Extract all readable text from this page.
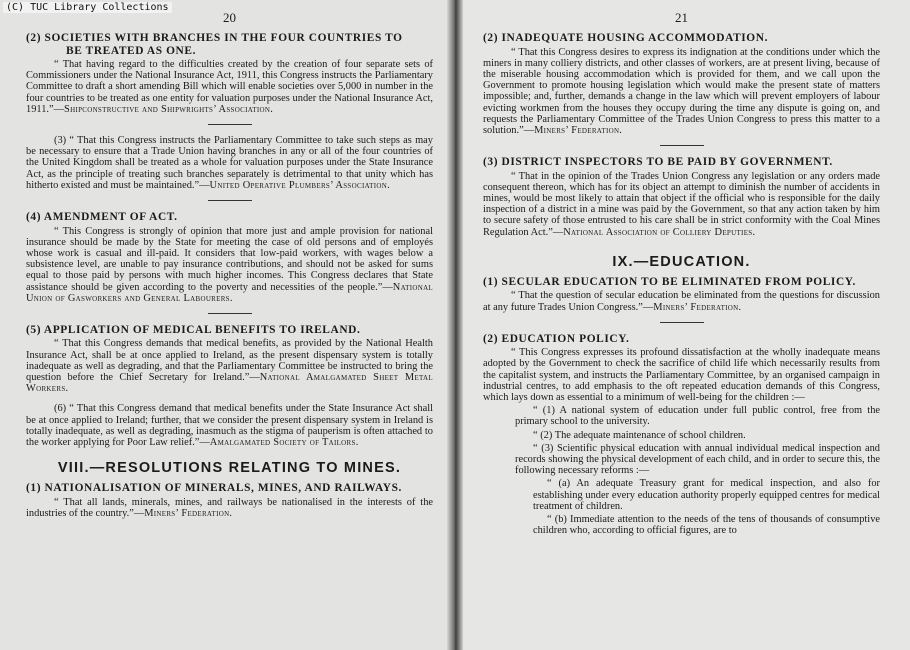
(C) TUC Library Collections
20
(2) SOCIETIES WITH BRANCHES IN THE FOUR COUNTRIES TO
BE TREATED AS ONE.

“ That having regard to the difficulties created by the creation of four separate sets of Commissioners under the National Insurance Act, 1911, this Congress instructs the Parliamentary Committee to draft a short amending Bill which will enable societies over 5,000 in number in the four countries to be treated as one entity for valuation purposes under the National Insurance Act, 1911.”—Shipconstructive and Shipwrights’ Association.

(3) “ That this Congress instructs the Parliamentary Committee to take such steps as may be necessary to ensure that a Trade Union having branches in any or all of the four countries of the United Kingdom shall be treated as a whole for valuation purposes under the State Insurance Act, as the principle of treating such branches separately is detrimental to that unity which has hitherto existed and must be maintained.”—United Operative Plumbers’ Association.

(4) AMENDMENT OF ACT.

“ This Congress is strongly of opinion that more just and ample provision for national insurance should be made by the State for meeting the case of old persons and of employés whose work is casual and ill-paid. It considers that low-paid workers, with wages below a subsistence level, are unable to pay insurance contributions, and should not be asked for sums equal to those paid by persons with much higher incomes. This Congress declares that State assistance should be given according to the poverty and necessities of the people.”—National Union of Gasworkers and General Labourers.

(5) APPLICATION OF MEDICAL BENEFITS TO IRELAND.

“ That this Congress demands that medical benefits, as provided by the National Health Insurance Act, shall be at once applied to Ireland, as the present dispensary system is totally inadequate as well as degrading, and that the Parliamentary Committee be instructed to bring the question before the Chief Secretary for Ireland.”—National Amalgamated Sheet Metal Workers.

(6) “ That this Congress demand that medical benefits under the State Insurance Act shall be at once applied to Ireland; further, that we consider the present dispensary system in Ireland is totally inadequate, as well as degrading, inasmuch as the stigma of pauperism is often attached to the worker applying for Poor Law relief.”—Amalgamated Society of Tailors.

VIII.—RESOLUTIONS RELATING TO MINES.
(1) NATIONALISATION OF MINERALS, MINES, AND RAILWAYS.

“ That all lands, minerals, mines, and railways be nationalised in the interests of the industries of the country.”—Miners’ Federation.

21
(2) INADEQUATE HOUSING ACCOMMODATION.

“ That this Congress desires to express its indignation at the conditions under which the miners in many colliery districts, and other classes of workers, are at present living, because of the miserable housing accommodation which is provided for them, and we call upon the Government to promote housing legislation which would make the present state of matters impossible; and, further, demands a change in the law which will prevent employers of labour evicting workmen from the houses they occupy during the time any dispute is going on, and requests the Parliamentary Committee of the Trades Union Congress to press this matter to a solution.”—Miners’ Federation.

(3) DISTRICT INSPECTORS TO BE PAID BY GOVERNMENT.

“ That in the opinion of the Trades Union Congress any legislation or any orders made consequent thereon, which has for its object an attempt to diminish the number of accidents in mines, would be most likely to attain that object if the official who is responsible for the daily inspection of a district in a mine was paid by the Government, so that any action taken by him to secure safety of those entrusted to his care shall be in strict conformity with the Coal Mines Regulation Act.”—National Association of Colliery Deputies.

IX.—EDUCATION.
(1) SECULAR EDUCATION TO BE ELIMINATED FROM POLICY.

“ That the question of secular education be eliminated from the questions for discussion at any future Trades Union Congress.”—Miners’ Federation.

(2) EDUCATION POLICY.

“ This Congress expresses its profound dissatisfaction at the wholly inadequate means adopted by the Government to check the sacrifice of child life which necessarily results from the capitalist system, and instructs the Parliamentary Committee, by an organised campaign in industrial centres, to add emphasis to the oft repeated education demands of this Congress, which lays down as essential to a minimum of well-being for the children :—

“ (1) A national system of education under full public control, free from the primary school to the university.

“ (2) The adequate maintenance of school children.

“ (3) Scientific physical education with annual individual medical inspection and records showing the physical development of each child, and in order to secure this, the following necessary reforms :—

“ (a) An adequate Treasury grant for medical inspection, and also for establishing under every education authority properly equipped centres for medical treatment of children.

“ (b) Immediate attention to the needs of the tens of thousands of consumptive children who, according to official figures, are to
